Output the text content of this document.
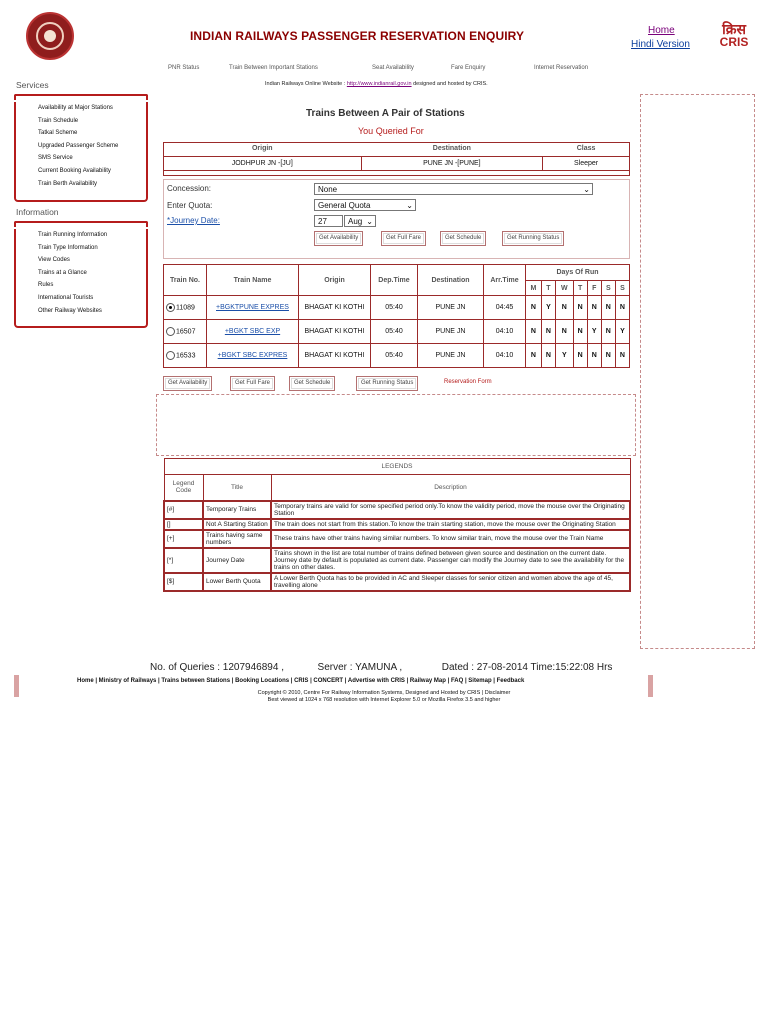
INDIAN RAILWAYS PASSENGER RESERVATION ENQUIRY	Home
Hindi Version
क्रिस
CRIS
PNR Status	Train Between Important Stations	Seat Availability	Fare Enquiry	Internet Reservation
Indian Railways Online Website : http://www.indianrail.gov.in designed and hosted by CRIS.
Services
Availability at Major Stations
Train Schedule
Tatkal Scheme
Upgraded Passenger Scheme
SMS Service
Current Booking Availability
Train Berth Availability
Information
Train Running Information
Train Type Information
View Codes
Trains at a Glance
Rules
International Tourists
Other Railway Websites
Trains Between A Pair of Stations
You Queried For
Origin	Destination	Class
JODHPUR JN -[JU]	PUNE JN -[PUNE]	Sleeper
Concession:	None	⌄
Enter Quota:	General Quota	⌄
*Journey Date:	27	Aug ⌄
Get Availability	Get Full Fare	Get Schedule	Get Running Status
Train No.	Train Name	Origin	Dep.Time	Destination	Arr.Time	Days Of Run						
						M	T	W	T	F	S	S
11089	+BGKTPUNE EXPRES	BHAGAT KI KOTHI	05:40	PUNE JN	04:45	N	Y	N	N	N	N	N
16507	+BGKT SBC EXP	BHAGAT KI KOTHI	05:40	PUNE JN	04:10	N	N	N	N	Y	N	Y
16533	+BGKT SBC EXPRES	BHAGAT KI KOTHI	05:40	PUNE JN	04:10	N	N	Y	N	N	N	N
Get Availability	Get Full Fare	Get Schedule	Get Running Status	Reservation Form
LEGENDS		
Legend Code	Title	Description
[#]	Temporary Trains	Temporary trains are valid for some specified period only.To know the validity period, move the mouse over the Originating Station
[]	Not A Starting Station	The train does not start from this station.To know the train starting station, move the mouse over the Originating Station
[+]	Trains having same numbers	These trains have other trains having similar numbers. To know similar train, move the mouse over the Train Name
[*]	Journey Date	Trains shown in the list are total number of trains defined between given source and destination on the current date. Journey date by default is populated as current date. Passenger can modify the Journey date to see the availability for the trains on other dates.
[$]	Lower Berth Quota	A Lower Berth Quota has to be provided in AC and Sleeper classes for senior citizen and women above the age of 45, travelling alone
No. of Queries : 1207946894 ,	Server : YAMUNA ,	Dated : 27-08-2014 Time:15:22:08 Hrs
Home | Ministry of Railways | Trains between Stations | Booking Locations | CRIS | CONCERT | Advertise with CRIS | Railway Map | FAQ | Sitemap | Feedback
Copyright © 2010, Centre For Railway Information Systems, Designed and Hosted by CRIS | Disclaimer
Best viewed at 1024 x 768 resolution with Internet Explorer 5.0 or Mozilla Firefox 3.5 and higher
